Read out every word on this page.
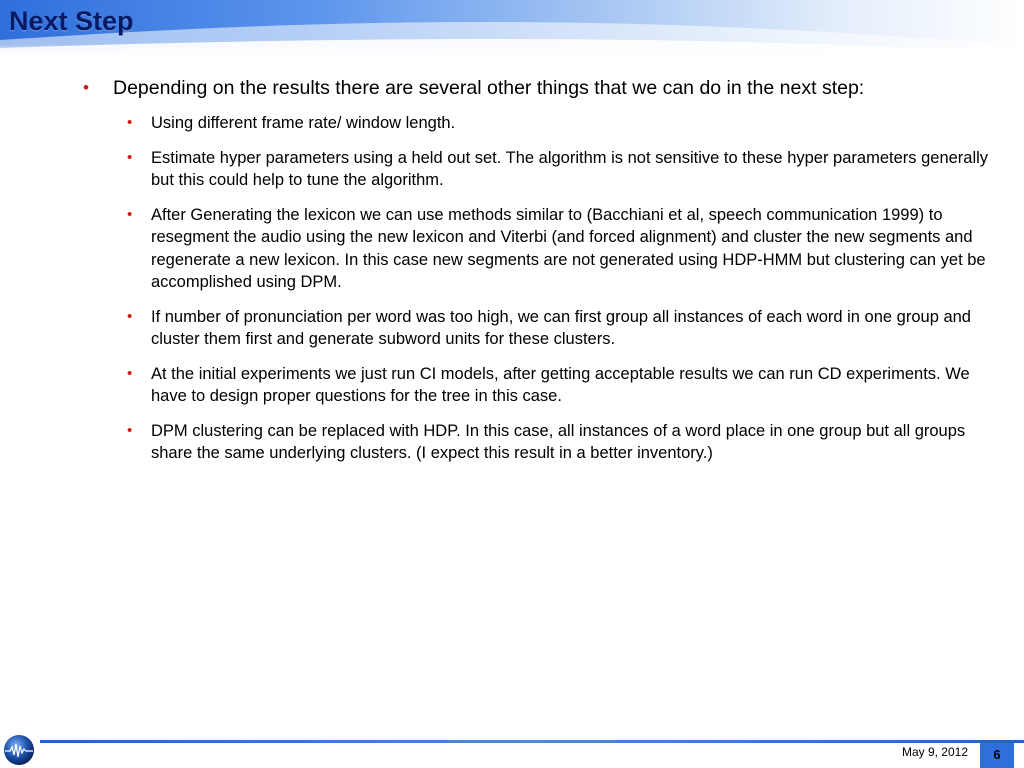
Next Step
• Depending on the results there are several other things that we can do in the next step:
• Using different frame rate/ window length.
• Estimate hyper parameters using a held out set. The algorithm is not sensitive to these hyper parameters generally but this could help to tune the algorithm.
• After Generating the lexicon we can use methods similar to (Bacchiani et al, speech communication 1999) to resegment the audio using the new lexicon and Viterbi (and forced alignment) and cluster the new segments and regenerate a new lexicon. In this case new segments are not generated using HDP-HMM but clustering can yet be accomplished using DPM.
• If number of pronunciation per word was too high, we can first group all instances of each word in one group and cluster them first and generate subword units for these clusters.
• At the initial experiments we just run CI models, after getting acceptable results we can run CD experiments. We have to design proper questions for the tree in this case.
• DPM clustering can be replaced with HDP. In this case, all instances of a word place in one group but all groups share the same underlying clusters. (I expect this result in a better inventory.)
May 9, 2012	6
